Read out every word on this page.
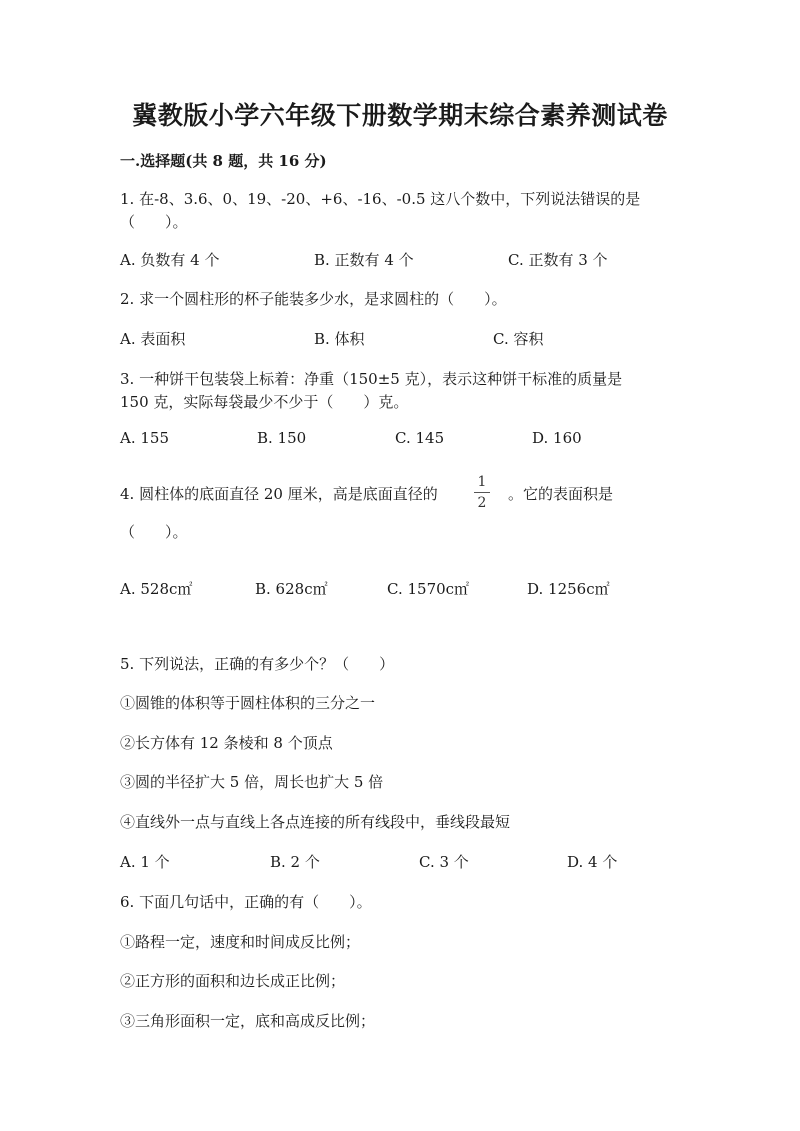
冀教版小学六年级下册数学期末综合素养测试卷
一.选择题(共 8 题，共 16 分)
1. 在-8、3.6、0、19、-20、+6、-16、-0.5 这八个数中，下列说法错误的是
（　　）。
A. 负数有 4 个	B. 正数有 4 个	C. 正数有 3 个
2. 求一个圆柱形的杯子能装多少水，是求圆柱的（　　）。
A. 表面积	B. 体积	C. 容积
3. 一种饼干包装袋上标着：净重（150±5 克），表示这种饼干标准的质量是
150 克，实际每袋最少不少于（　　）克。
A. 155	B. 150	C. 145	D. 160
4. 圆柱体的底面直径 20 厘米，高是底面直径的
1
2	。它的表面积是
（　　）。
A. 528c㎡	B. 628c㎡	C. 1570c㎡	D. 1256c㎡
5. 下列说法，正确的有多少个？（　　）
①圆锥的体积等于圆柱体积的三分之一
②长方体有 12 条棱和 8 个顶点
③圆的半径扩大 5 倍，周长也扩大 5 倍
④直线外一点与直线上各点连接的所有线段中，垂线段最短
A. 1 个	B. 2 个	C. 3 个	D. 4 个
6. 下面几句话中，正确的有（　　）。
①路程一定，速度和时间成反比例；
②正方形的面积和边长成正比例；
③三角形面积一定，底和高成反比例；
